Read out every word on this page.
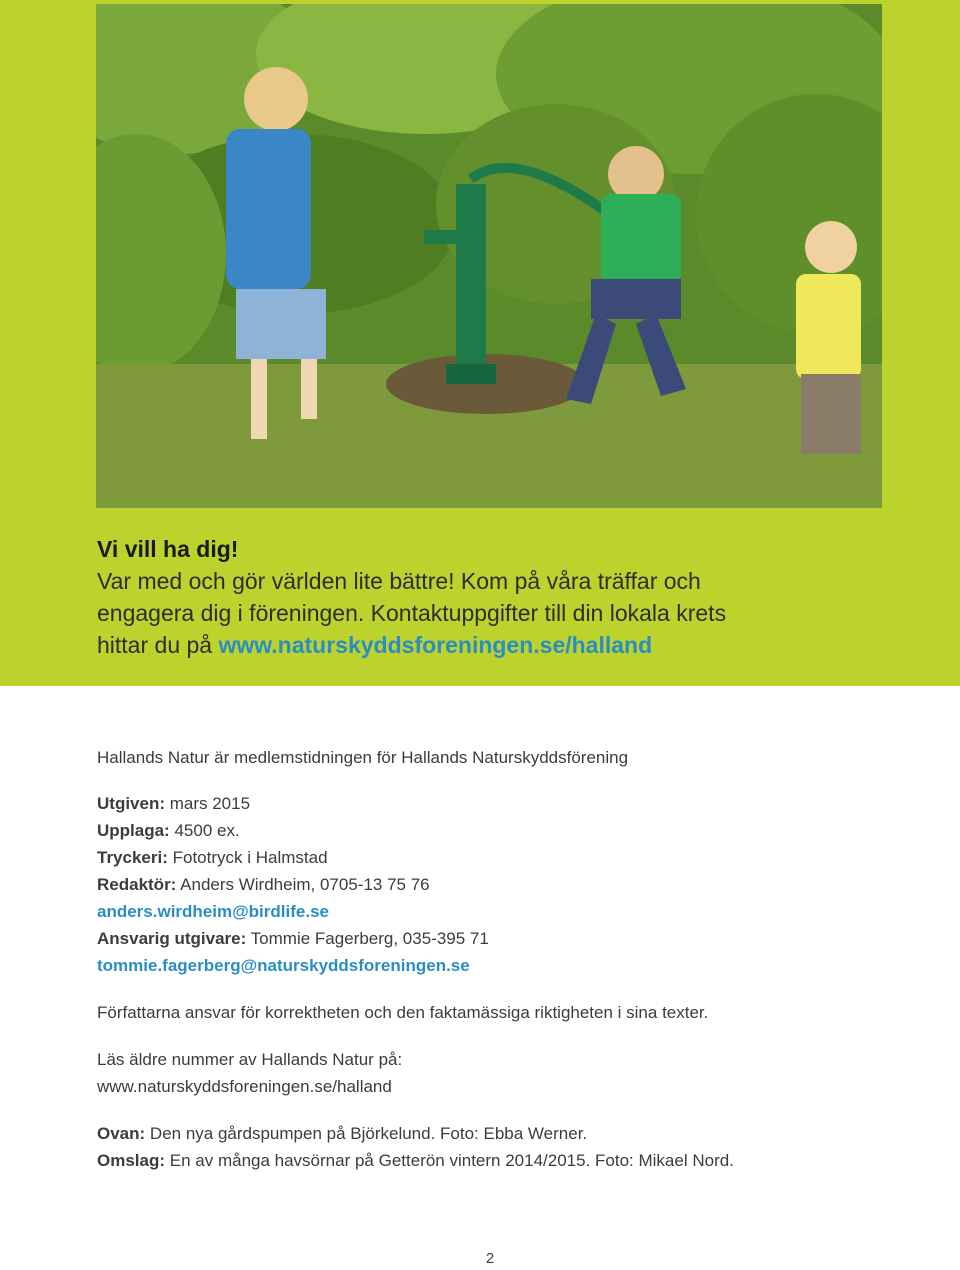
Vi vill ha dig!
Var med och gör världen lite bättre! Kom på våra träffar och
engagera dig i föreningen. Kontaktuppgifter till din lokala krets
hittar du på www.naturskyddsforeningen.se/halland

Hallands Natur är medlemstidningen för Hallands Naturskyddsförening

Utgiven: mars 2015

Upplaga: 4500 ex.

Tryckeri: Fototryck i Halmstad

Redaktör: Anders Wirdheim, 0705-13 75 76

anders.wirdheim@birdlife.se

Ansvarig utgivare: Tommie Fagerberg, 035-395 71

tommie.fagerberg@naturskyddsforeningen.se

Författarna ansvar för korrektheten och den faktamässiga riktigheten i sina texter.

Läs äldre nummer av Hallands Natur på:

www.naturskyddsforeningen.se/halland

Ovan: Den nya gårdspumpen på Björkelund. Foto: Ebba Werner.

Omslag: En av många havsörnar på Getterön vintern 2014/2015. Foto: Mikael Nord.

2
